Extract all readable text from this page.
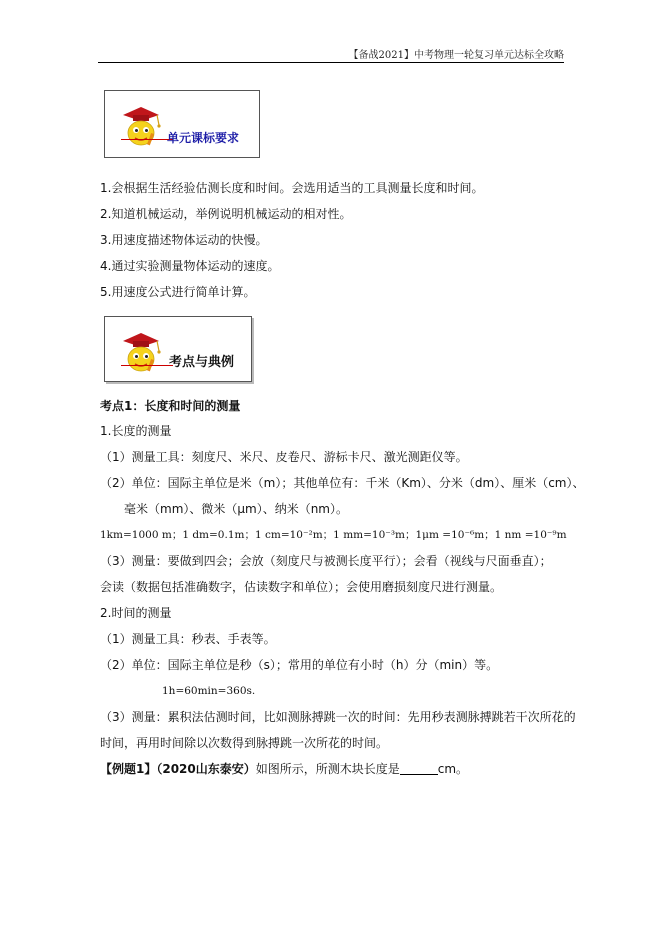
【备战2021】中考物理一轮复习单元达标全攻略
单元课标要求
1.会根据生活经验估测长度和时间。会选用适当的工具测量长度和时间。
2.知道机械运动，举例说明机械运动的相对性。
3.用速度描述物体运动的快慢。
4.通过实验测量物体运动的速度。
5.用速度公式进行简单计算。
考点与典例
考点1：长度和时间的测量
1.长度的测量
（1）测量工具：刻度尺、米尺、皮卷尺、游标卡尺、激光测距仪等。
（2）单位：国际主单位是米（m）；其他单位有：千米（Km）、分米（dm）、厘米（cm）、
毫米（mm）、微米（μm）、纳米（nm）。
1km=1000 m；1 dm=0.1m；1 cm=10⁻²m；1 mm=10⁻³m；1μm =10⁻⁶m；1 nm =10⁻⁹m
（3）测量：要做到四会；会放（刻度尺与被测长度平行）；会看（视线与尺面垂直）；
会读（数据包括准确数字，估读数字和单位）；会使用磨损刻度尺进行测量。
2.时间的测量
（1）测量工具：秒表、手表等。
（2）单位：国际主单位是秒（s）；常用的单位有小时（h）分（min）等。
1h=60min=360s.
（3）测量：累积法估测时间，比如测脉搏跳一次的时间：先用秒表测脉搏跳若干次所花的
时间，再用时间除以次数得到脉搏跳一次所花的时间。
【例题1】（2020山东泰安）如图所示，所测木块长度是	cm。
